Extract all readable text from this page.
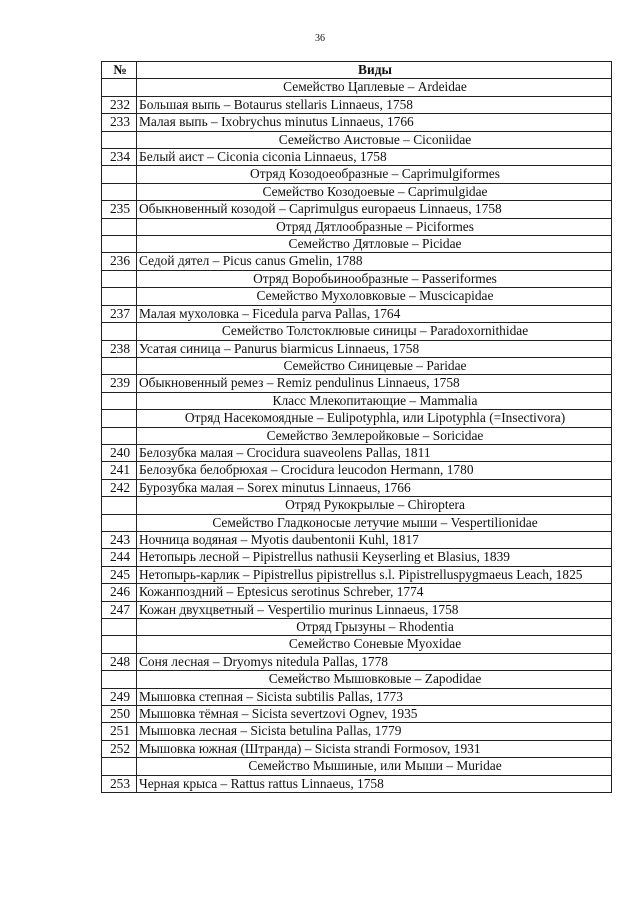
36
№	Виды
	Семейство Цаплевые – Ardeidae
232	Большая выпь – Botaurus stellaris Linnaeus, 1758
233	Малая выпь – Ixobrychus minutus Linnaeus, 1766
	Семейство Аистовые – Ciconiidae
234	Белый аист – Ciconia ciconia Linnaeus, 1758
	Отряд Козодоеобразные – Caprimulgiformes
	Семейство Козодоевые – Caprimulgidae
235	Обыкновенный козодой – Caprimulgus europaeus Linnaeus, 1758
	Отряд Дятлообразные – Piciformes
	Семейство Дятловые – Picidae
236	Седой дятел – Picus canus Gmelin, 1788
	Отряд Воробьинообразные – Passeriformes
	Семейство Мухоловковые – Muscicapidae
237	Малая мухоловка – Ficedula parva Pallas, 1764
	Семейство Толстоклювые синицы – Paradoxornithidae
238	Усатая синица – Panurus biarmicus Linnaeus, 1758
	Семейство Синицевые – Paridae
239	Обыкновенный ремез – Remiz pendulinus Linnaeus, 1758
	Класс Млекопитающие – Mammalia
	Отряд Насекомоядные – Eulipotyphla, или Lipotyphla (=Insectivora)
	Семейство Землеройковые – Soricidae
240	Белозубка малая – Crocidura suaveolens Pallas, 1811
241	Белозубка белобрюхая – Crocidura leucodon Hermann, 1780
242	Бурозубка малая – Sorex minutus Linnaeus, 1766
	Отряд Рукокрылые – Chiroptera
	Семейство Гладконосые летучие мыши – Vespertilionidae
243	Ночница водяная – Myotis daubentonii Kuhl, 1817
244	Нетопырь лесной – Pipistrellus nathusii Keyserling et Blasius, 1839
245	Нетопырь-карлик – Pipistrellus pipistrellus s.l. Pipistrelluspygmaeus Leach, 1825
246	Кожанпоздний – Eptesicus serotinus Schreber, 1774
247	Кожан двухцветный – Vespertilio murinus Linnaeus, 1758
	Отряд Грызуны – Rhodentia
	Семейство Соневые Myoxidae
248	Соня лесная – Dryomys nitedula Pallas, 1778
	Семейство Мышовковые – Zapodidae
249	Мышовка степная – Sicista subtilis Pallas, 1773
250	Мышовка тёмная – Sicista severtzovi Ognev, 1935
251	Мышовка лесная – Sicista betulina Pallas, 1779
252	Мышовка южная (Штранда) – Sicista strandi Formosov, 1931
	Семейство Мышиные, или Мыши – Muridae
253	Черная крыса – Rattus rattus Linnaeus, 1758
